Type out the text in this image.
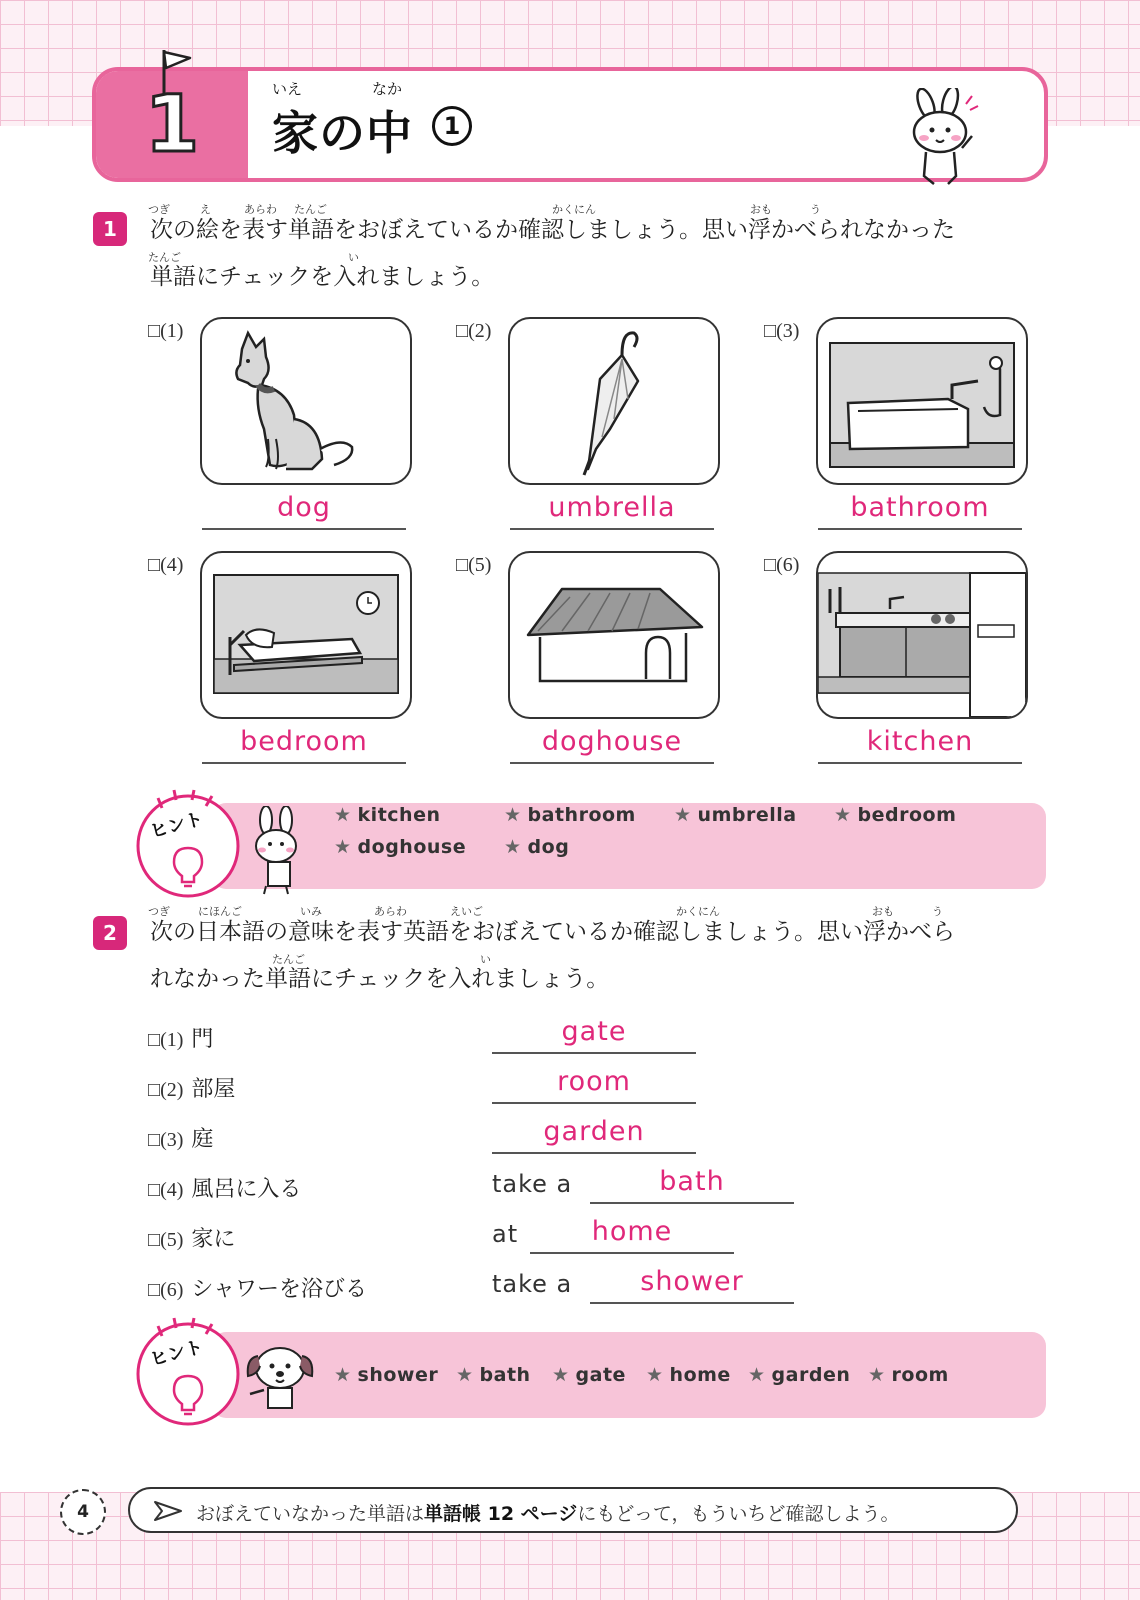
1	いえ	なか
家の中	1
1
つぎ	え	あらわ たんご	かくにん	おも	う
次の絵を表す単語をおぼえているか確認しましょう。思い浮かべられなかった
たんご	い
単語にチェックを入れましょう。
□(1)
dog
□(2)
umbrella
□(3)
bathroom
□(4)
bedroom
□(5)
doghouse
□(6)
kitchen
ヒント	★ kitchen	★ bathroom ★ umbrella ★ bedroom
★ doghouse ★ dog
2
つぎ	にほんご	いみ	あらわ	えいご	かくにん	おも	う
次の日本語の意味を表す英語をおぼえているか確認しましょう。思い浮かべら
たんご	い
れなかった単語にチェックを入れましょう。
□(1) 門	gate
□(2) 部屋	room
□(3) 庭	garden
□(4) 風呂に入る	take a	bath
□(5) 家に	at	home
□(6) シャワーを浴びる	take a	shower
ヒント
★ shower ★ bath ★ gate ★ home ★ garden ★ room
4	おぼえていなかった単語は単語帳 12 ページにもどって，もういちど確認しよう。
